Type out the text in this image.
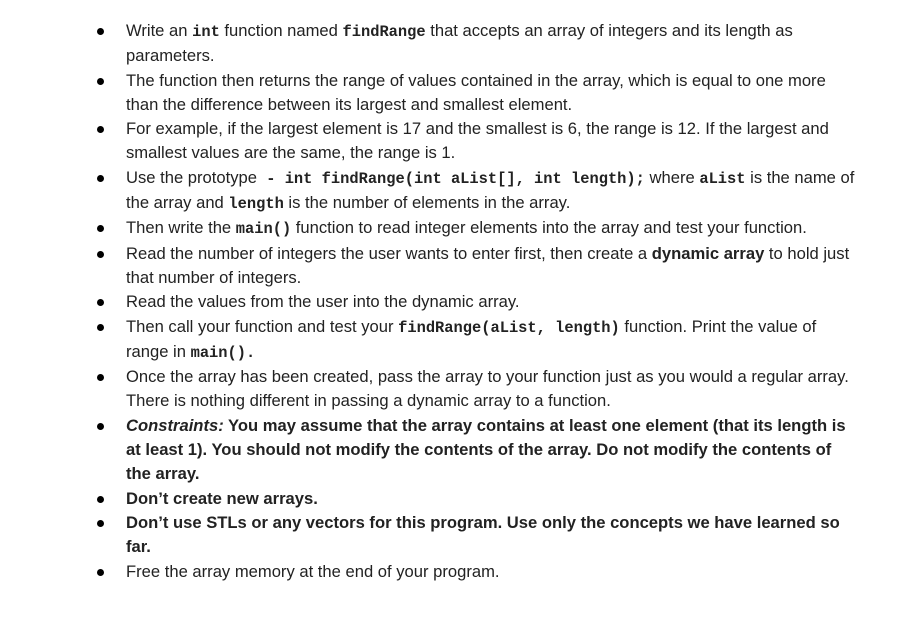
Write an int function named findRange that accepts an array of integers and its length as parameters.
The function then returns the range of values contained in the array, which is equal to one more than the difference between its largest and smallest element.
For example, if the largest element is 17 and the smallest is 6, the range is 12. If the largest and smallest values are the same, the range is 1.
Use the prototype - int findRange(int aList[], int length); where aList is the name of the array and length is the number of elements in the array.
Then write the main() function to read integer elements into the array and test your function.
Read the number of integers the user wants to enter first, then create a dynamic array to hold just that number of integers.
Read the values from the user into the dynamic array.
Then call your function and test your findRange(aList, length) function. Print the value of range in main().
Once the array has been created, pass the array to your function just as you would a regular array. There is nothing different in passing a dynamic array to a function.
Constraints: You may assume that the array contains at least one element (that its length is at least 1). You should not modify the contents of the array. Do not modify the contents of the array.
Don’t create new arrays.
Don’t use STLs or any vectors for this program. Use only the concepts we have learned so far.
Free the array memory at the end of your program.
